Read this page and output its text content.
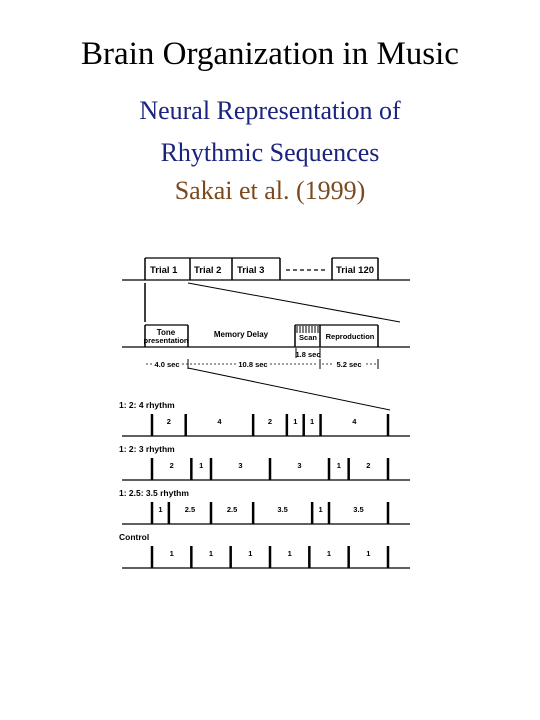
Brain Organization in Music
Neural Representation of
Rhythmic Sequences
Sakai et al. (1999)
Trial 1 Trial 2 Trial 3	Trial 120
Tone
presentation
Memory Delay	Scan Reproduction
1.8 sec
4.0 sec	10.8 sec	5.2 sec
1: 2: 4 rhythm
2	4	2	1 1	4
1: 2: 3 rhythm
2	1	3	3	1	2
1: 2.5: 3.5 rhythm
1	2.5	2.5	3.5	1	3.5
Control
1	1	1	1	1	1
